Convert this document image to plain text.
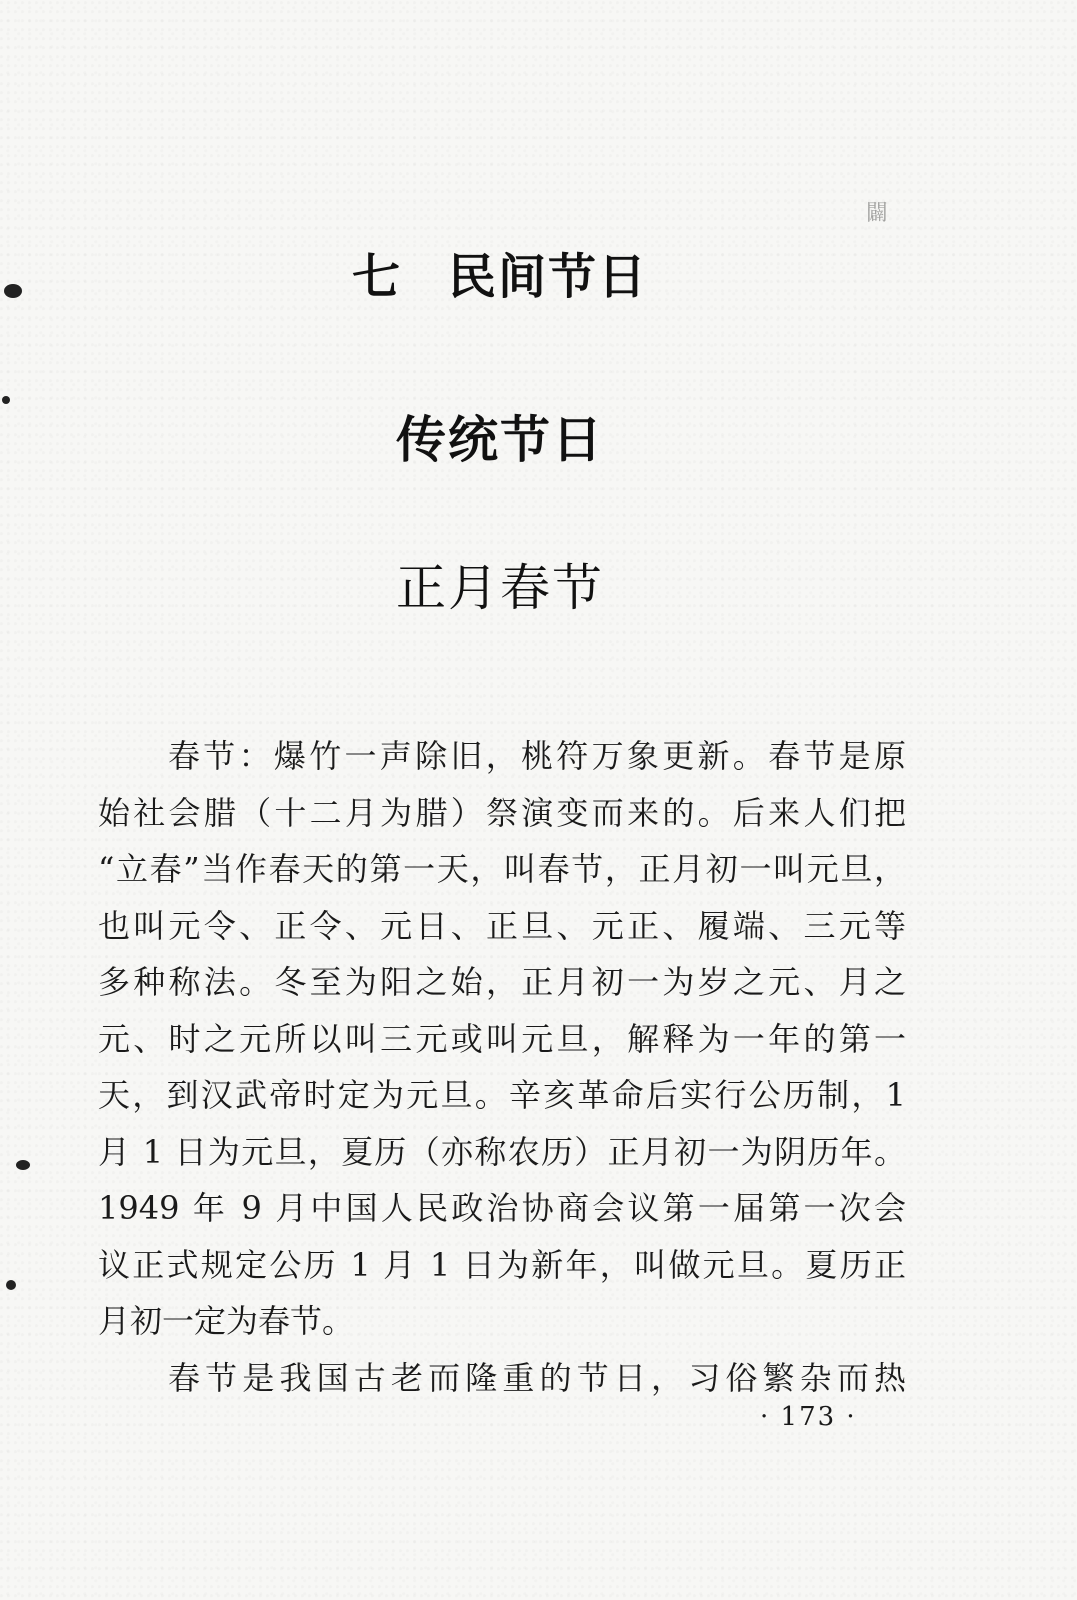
闢
七 民间节日
传统节日
正月春节
春节：爆竹一声除旧，桃符万象更新。春节是原
始社会腊（十二月为腊）祭演变而来的。后来人们把
“立春”当作春天的第一天，叫春节，正月初一叫元旦，
也叫元令、正令、元日、正旦、元正、履端、三元等
多种称法。冬至为阳之始，正月初一为岁之元、月之
元、时之元所以叫三元或叫元旦，解释为一年的第一
天，到汉武帝时定为元旦。辛亥革命后实行公历制，1
月 1 日为元旦，夏历（亦称农历）正月初一为阴历年。
1949 年 9 月中国人民政治协商会议第一届第一次会
议正式规定公历 1 月 1 日为新年，叫做元旦。夏历正
月初一定为春节。
春节是我国古老而隆重的节日，习俗繁杂而热
· 173 ·
